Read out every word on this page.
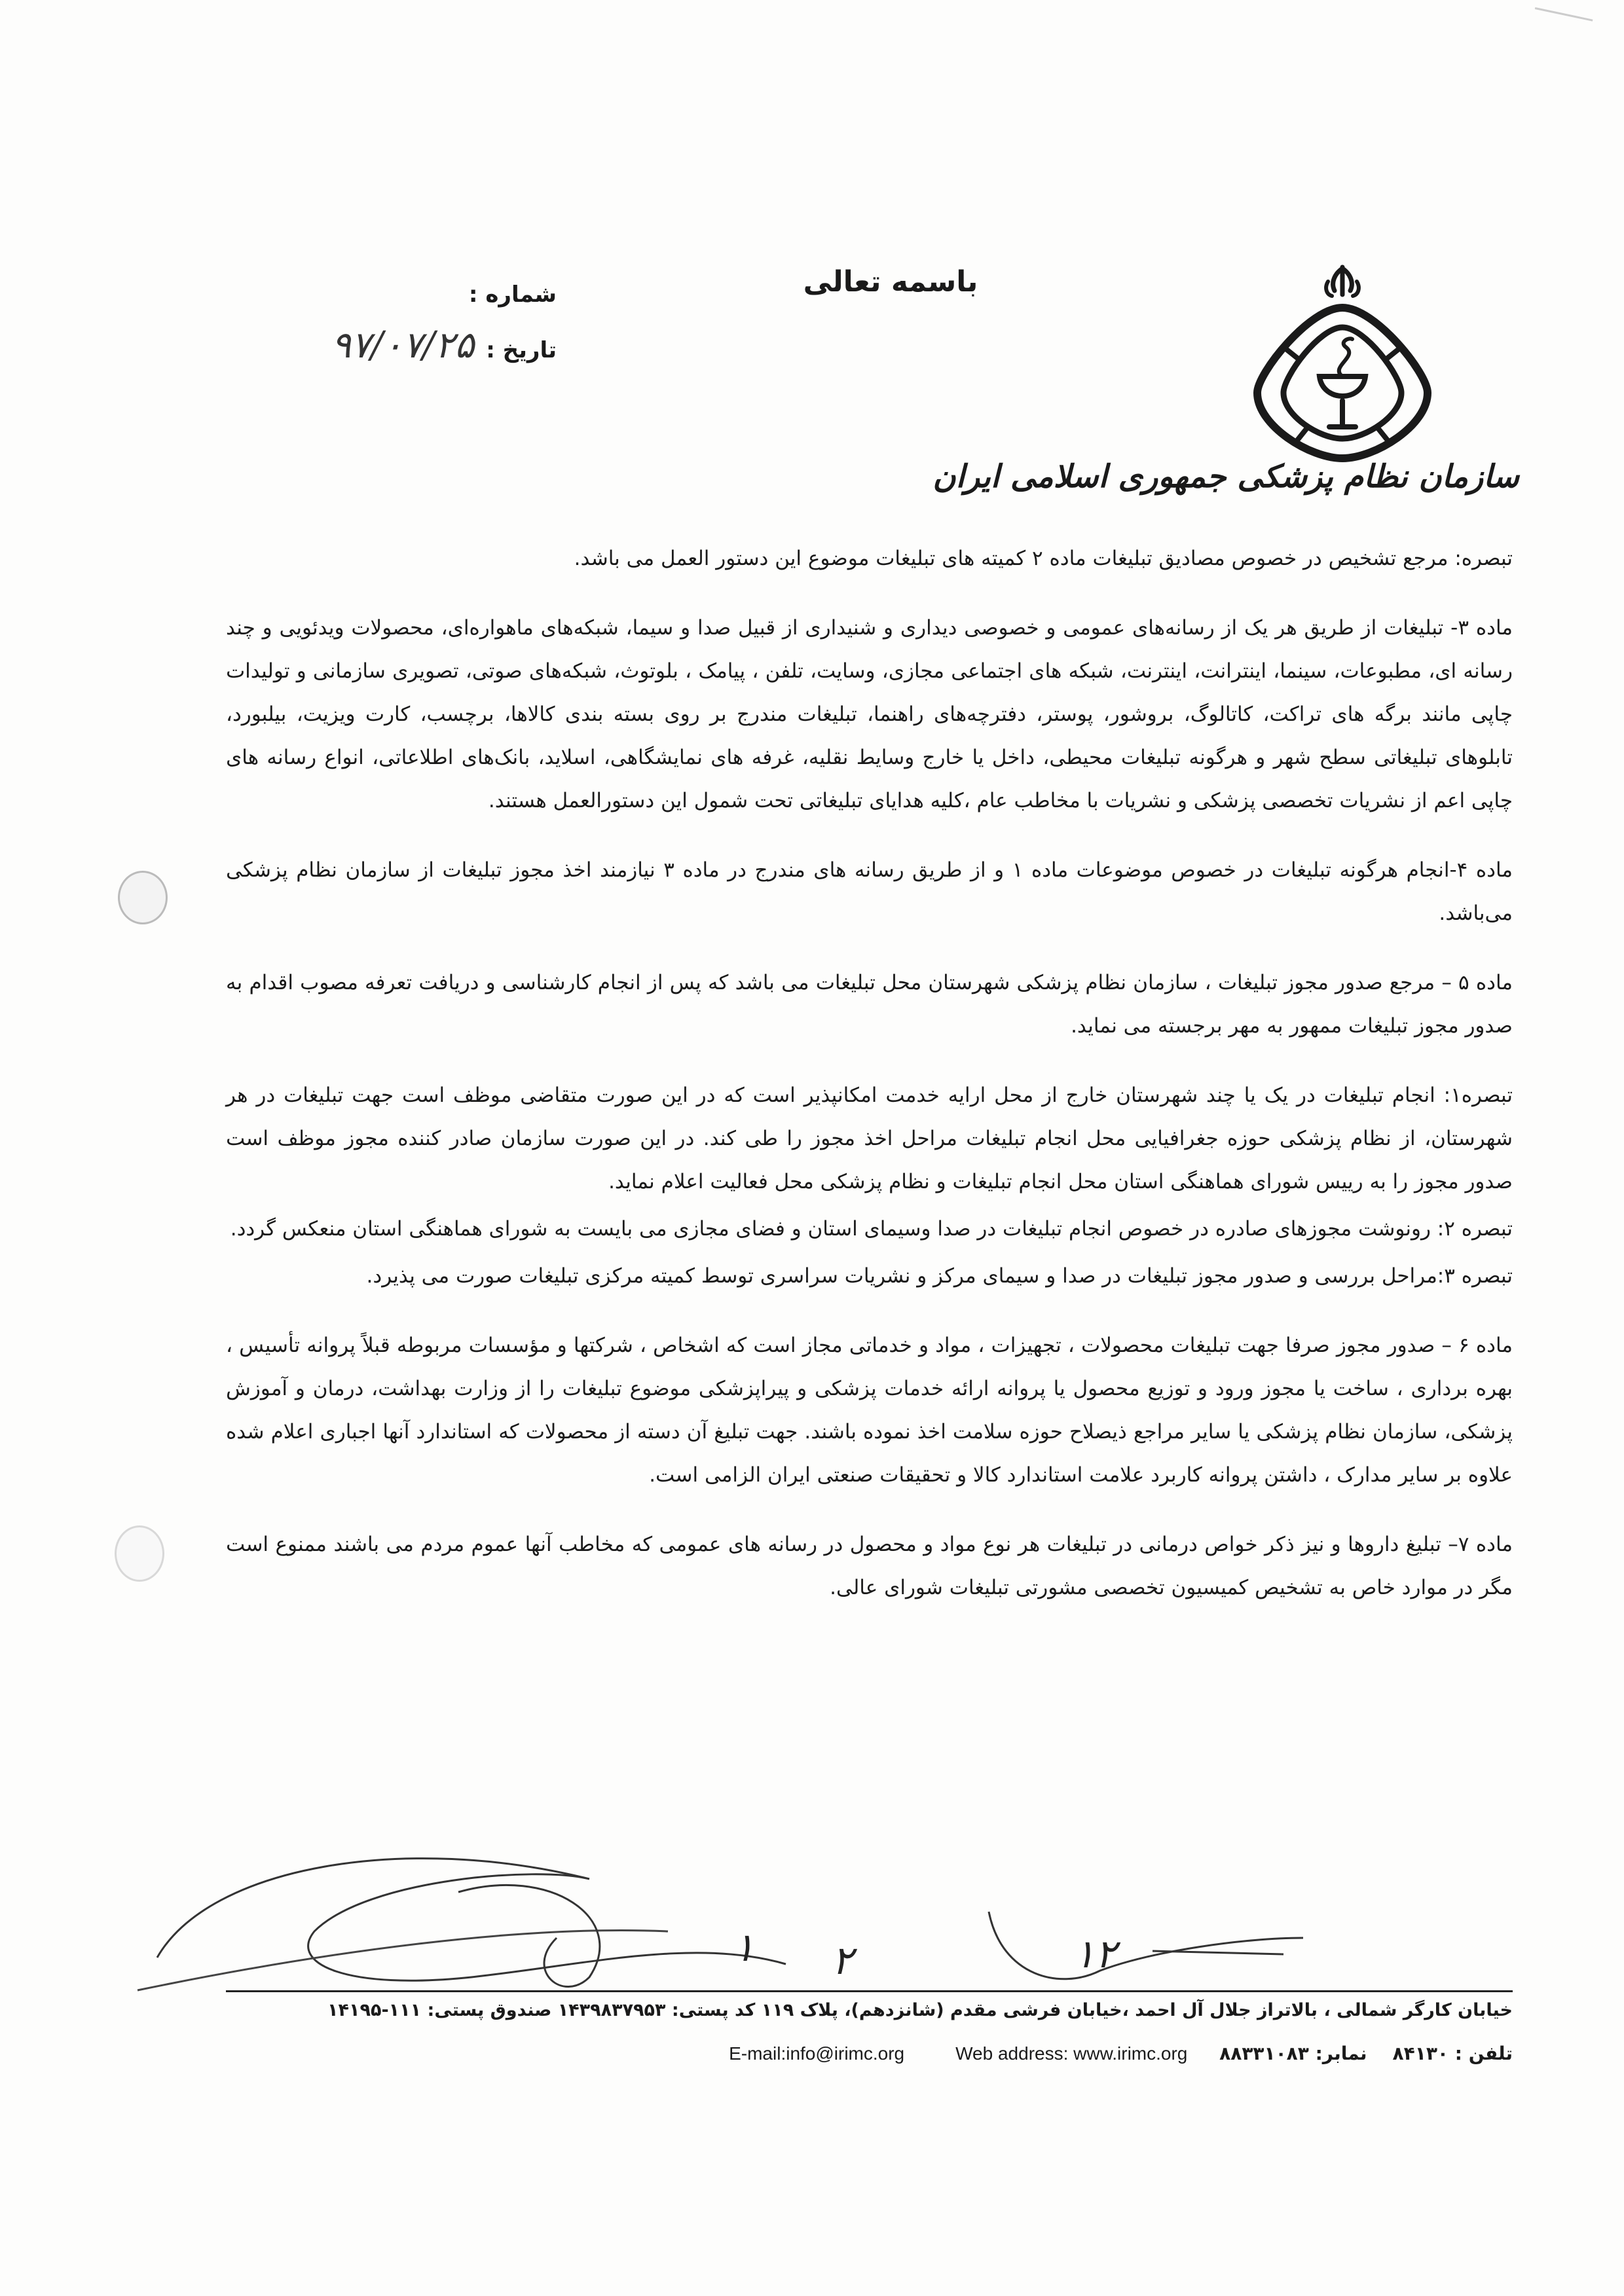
باسمه تعالی
شماره :
تاریخ :۹۷/۰۷/۲۵
سازمان نظام پزشکی جمهوری اسلامی ایران

تبصره: مرجع تشخیص در خصوص مصادیق تبلیغات ماده ۲ کمیته های تبلیغات موضوع این دستور العمل می باشد.

ماده ۳- تبلیغات از طریق هر یک از رسانه‌های عمومی و خصوصی دیداری و شنیداری از قبیل صدا و سیما، شبکه‌های ماهواره‌ای، محصولات ویدئویی و چند رسانه ای، مطبوعات، سینما، اینترانت، اینترنت، شبکه های اجتماعی مجازی، وسایت، تلفن ، پیامک ، بلوتوث، شبکه‌های صوتی، تصویری سازمانی و تولیدات چاپی مانند برگه های تراکت، کاتالوگ، بروشور، پوستر، دفترچه‌های راهنما، تبلیغات مندرج بر روی بسته بندی کالاها، برچسب، کارت ویزیت، بیلبورد، تابلوهای تبلیغاتی سطح شهر و هرگونه تبلیغات محیطی، داخل یا خارج وسایط نقلیه، غرفه های نمایشگاهی، اسلاید، بانک‌های اطلاعاتی، انواع رسانه های چاپی اعم از نشریات تخصصی پزشکی و نشریات با مخاطب عام ،کلیه هدایای تبلیغاتی تحت شمول این دستورالعمل هستند.

ماده ۴-انجام هرگونه تبلیغات در خصوص موضوعات ماده ۱ و از طریق رسانه های مندرج در ماده ۳ نیازمند اخذ مجوز تبلیغات از سازمان نظام پزشکی می‌باشد.

ماده ۵ – مرجع صدور مجوز تبلیغات ، سازمان نظام پزشکی شهرستان محل تبلیغات می باشد که پس از انجام کارشناسی و دریافت تعرفه مصوب اقدام به صدور مجوز تبلیغات ممهور به مهر برجسته می نماید.

تبصره۱: انجام تبلیغات در یک یا چند شهرستان خارج از محل ارایه خدمت امکانپذیر است که در این صورت متقاضی موظف است جهت تبلیغات در هر شهرستان، از نظام پزشکی حوزه جغرافیایی محل انجام تبلیغات مراحل اخذ مجوز را طی کند. در این صورت سازمان صادر کننده مجوز موظف است صدور مجوز را به رییس شورای هماهنگی استان محل انجام تبلیغات و نظام پزشکی محل فعالیت اعلام نماید.

تبصره ۲: رونوشت مجوزهای صادره در خصوص انجام تبلیغات در صدا وسیمای استان و فضای مجازی می بایست به شورای هماهنگی استان منعکس گردد.

تبصره ۳:مراحل بررسی و صدور مجوز تبلیغات در صدا و سیمای مرکز و نشریات سراسری توسط کمیته مرکزی تبلیغات صورت می پذیرد.

ماده ۶ – صدور مجوز صرفا جهت تبلیغات محصولات ، تجهیزات ، مواد و خدماتی مجاز است که اشخاص ، شرکتها و مؤسسات مربوطه قبلاً پروانه تأسیس ، بهره برداری ، ساخت یا مجوز ورود و توزیع محصول یا پروانه ارائه خدمات پزشکی و پیراپزشکی موضوع تبلیغات را از وزارت بهداشت، درمان و آموزش پزشکی، سازمان نظام پزشکی یا سایر مراجع ذیصلاح حوزه سلامت اخذ نموده باشند. جهت تبلیغ آن دسته از محصولات که استاندارد آنها اجباری اعلام شده علاوه بر سایر مدارک ، داشتن پروانه کاربرد علامت استاندارد کالا و تحقیقات صنعتی ایران الزامی است.

ماده ۷– تبلیغ داروها و نیز ذکر خواص درمانی در تبلیغات هر نوع مواد و محصول در رسانه های عمومی که مخاطب آنها عموم مردم می باشند ممنوع است مگر در موارد خاص به تشخیص کمیسیون تخصصی مشورتی تبلیغات شورای عالی.

۱ ۲	۱۲
خیابان کارگر شمالی ، بالاتراز جلال آل احمد ،خیابان فرشی مقدم (شانزدهم)، پلاک ۱۱۹ کد پستی: ۱۴۳۹۸۳۷۹۵۳ صندوق پستی: ۱۱۱-۱۴۱۹۵
تلفن : ۸۴۱۳۰    نمابر: ۸۸۳۳۱۰۸۳     Web address: www.irimc.org        E-mail:info@irimc.org
